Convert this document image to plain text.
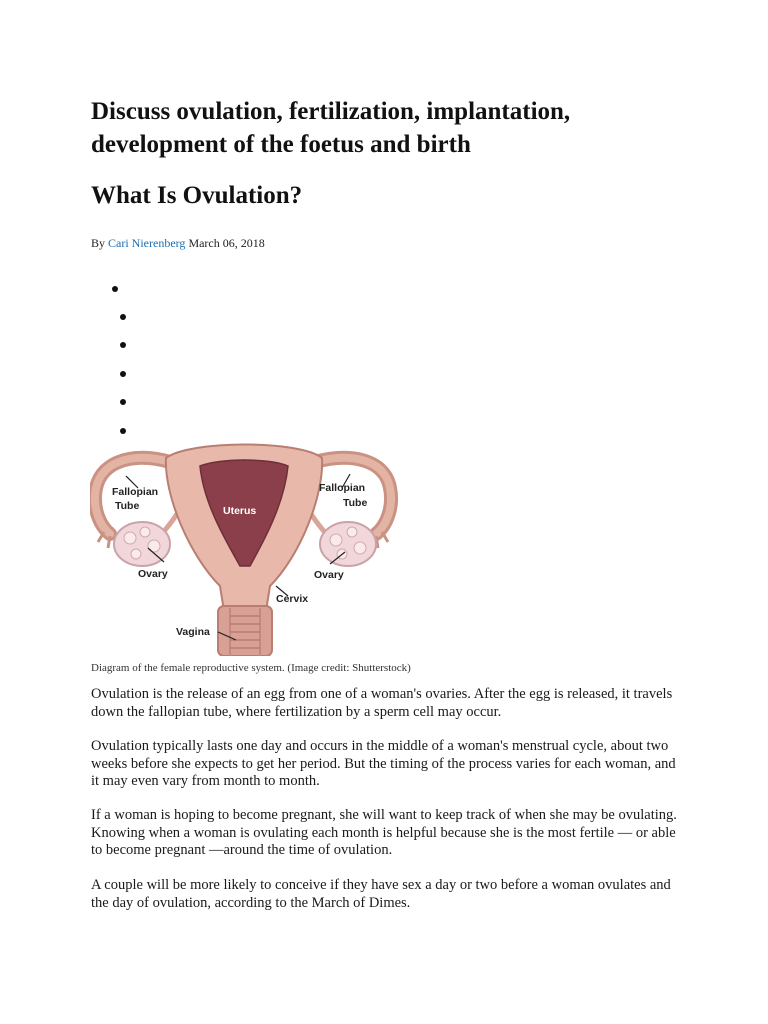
Discuss ovulation, fertilization, implantation, development of the foetus and birth
What Is Ovulation?
By Cari Nierenberg March 06, 2018
Fallopian
Tube
Fallopian
Tube
Uterus
Ovary	Ovary
Cervix
Vagina
Diagram of the female reproductive system. (Image credit: Shutterstock)

Ovulation is the release of an egg from one of a woman's ovaries. After the egg is released, it travels down the fallopian tube, where fertilization by a sperm cell may occur.

Ovulation typically lasts one day and occurs in the middle of a woman's menstrual cycle, about two weeks before she expects to get her period. But the timing of the process varies for each woman, and it may even vary from month to month.

If a woman is hoping to become pregnant, she will want to keep track of when she may be ovulating. Knowing when a woman is ovulating each month is helpful because she is the most fertile — or able to become pregnant —around the time of ovulation.

A couple will be more likely to conceive if they have sex a day or two before a woman ovulates and the day of ovulation, according to the March of Dimes.
